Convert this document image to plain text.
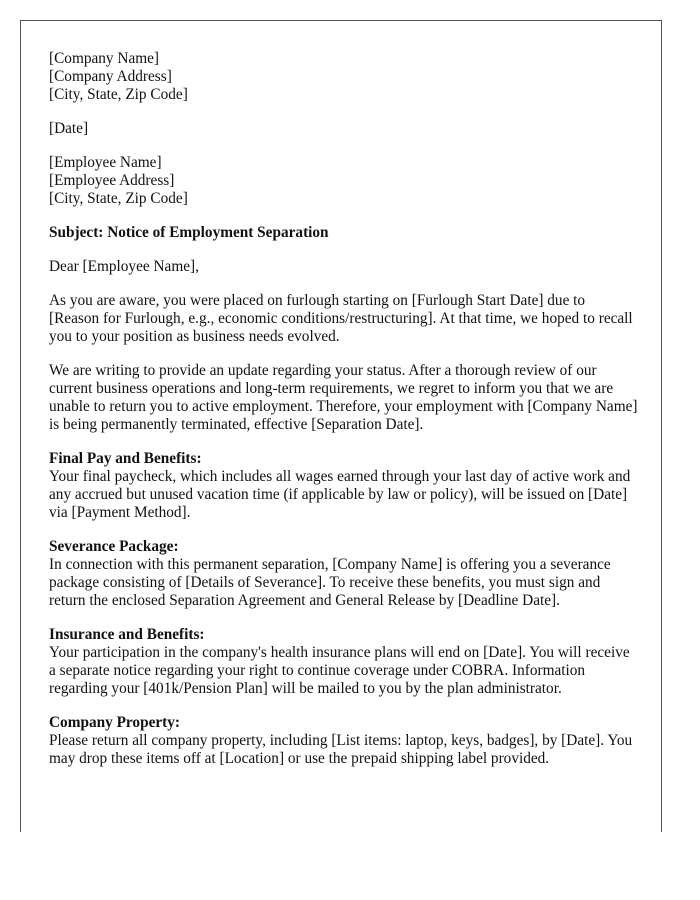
[Company Name]
[Company Address]
[City, State, Zip Code]

[Date]

[Employee Name]
[Employee Address]
[City, State, Zip Code]

Subject: Notice of Employment Separation

Dear [Employee Name],

As you are aware, you were placed on furlough starting on [Furlough Start Date] due to [Reason for Furlough, e.g., economic conditions/restructuring]. At that time, we hoped to recall you to your position as business needs evolved.

We are writing to provide an update regarding your status. After a thorough review of our current business operations and long-term requirements, we regret to inform you that we are unable to return you to active employment. Therefore, your employment with [Company Name] is being permanently terminated, effective [Separation Date].

Final Pay and Benefits:
Your final paycheck, which includes all wages earned through your last day of active work and any accrued but unused vacation time (if applicable by law or policy), will be issued on [Date] via [Payment Method].

Severance Package:
In connection with this permanent separation, [Company Name] is offering you a severance package consisting of [Details of Severance]. To receive these benefits, you must sign and return the enclosed Separation Agreement and General Release by [Deadline Date].

Insurance and Benefits:
Your participation in the company's health insurance plans will end on [Date]. You will receive a separate notice regarding your right to continue coverage under COBRA. Information regarding your [401k/Pension Plan] will be mailed to you by the plan administrator.

Company Property:
Please return all company property, including [List items: laptop, keys, badges], by [Date]. You may drop these items off at [Location] or use the prepaid shipping label provided.
